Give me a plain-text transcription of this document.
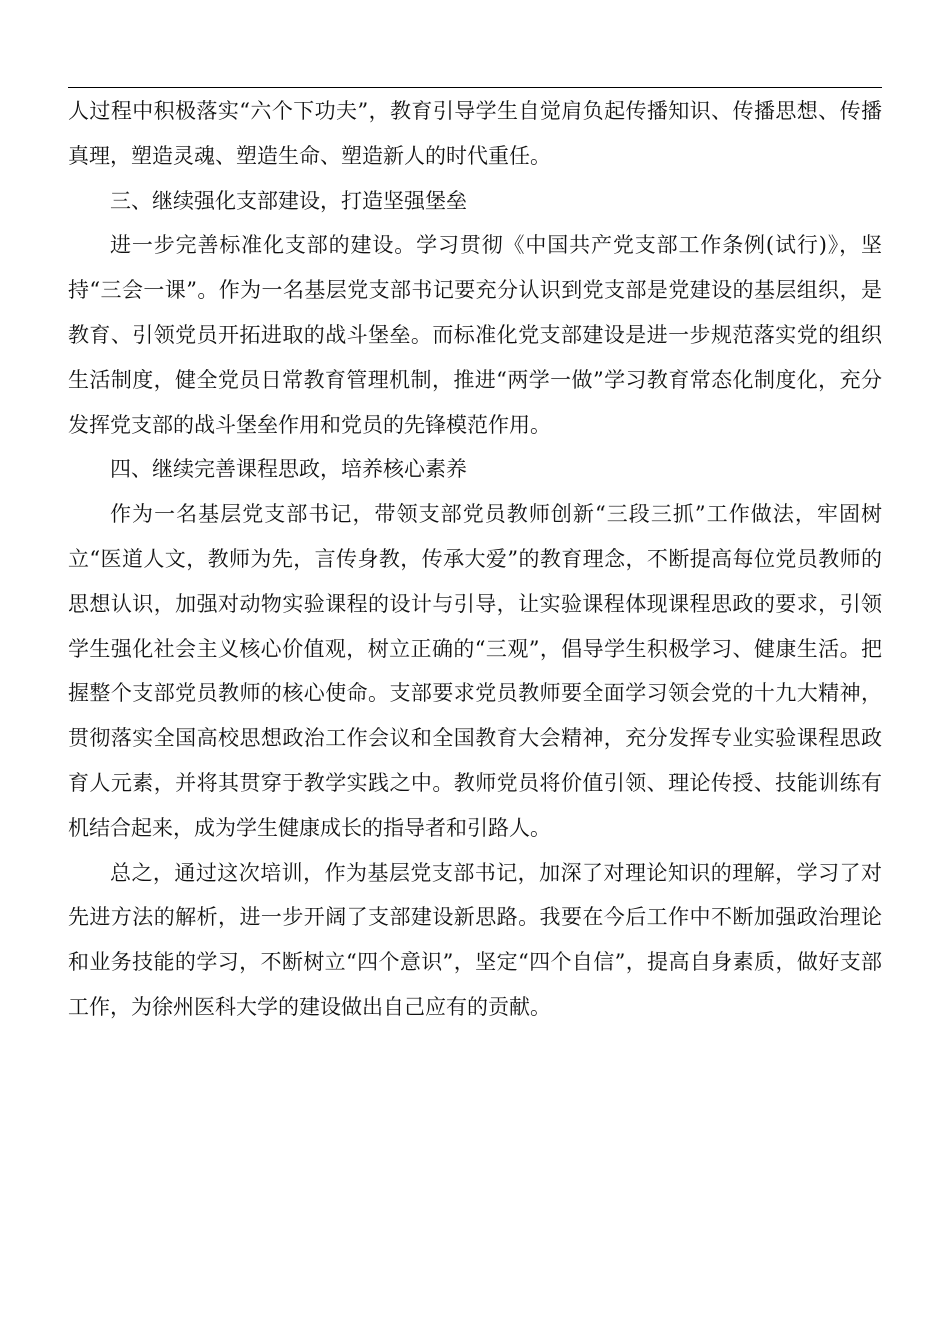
人过程中积极落实“六个下功夫”，教育引导学生自觉肩负起传播知识、传播思想、传播真理，塑造灵魂、塑造生命、塑造新人的时代重任。

三、继续强化支部建设，打造坚强堡垒

进一步完善标准化支部的建设。学习贯彻《中国共产党支部工作条例(试行)》，坚持“三会一课”。作为一名基层党支部书记要充分认识到党支部是党建设的基层组织，是教育、引领党员开拓进取的战斗堡垒。而标准化党支部建设是进一步规范落实党的组织生活制度，健全党员日常教育管理机制，推进“两学一做”学习教育常态化制度化，充分发挥党支部的战斗堡垒作用和党员的先锋模范作用。

四、继续完善课程思政，培养核心素养

作为一名基层党支部书记，带领支部党员教师创新“三段三抓”工作做法，牢固树立“医道人文，教师为先，言传身教，传承大爱”的教育理念，不断提高每位党员教师的思想认识，加强对动物实验课程的设计与引导，让实验课程体现课程思政的要求，引领学生强化社会主义核心价值观，树立正确的“三观”，倡导学生积极学习、健康生活。把握整个支部党员教师的核心使命。支部要求党员教师要全面学习领会党的十九大精神，贯彻落实全国高校思想政治工作会议和全国教育大会精神，充分发挥专业实验课程思政育人元素，并将其贯穿于教学实践之中。教师党员将价值引领、理论传授、技能训练有机结合起来，成为学生健康成长的指导者和引路人。

总之，通过这次培训，作为基层党支部书记，加深了对理论知识的理解，学习了对先进方法的解析，进一步开阔了支部建设新思路。我要在今后工作中不断加强政治理论和业务技能的学习，不断树立“四个意识”，坚定“四个自信”，提高自身素质，做好支部工作，为徐州医科大学的建设做出自己应有的贡献。
